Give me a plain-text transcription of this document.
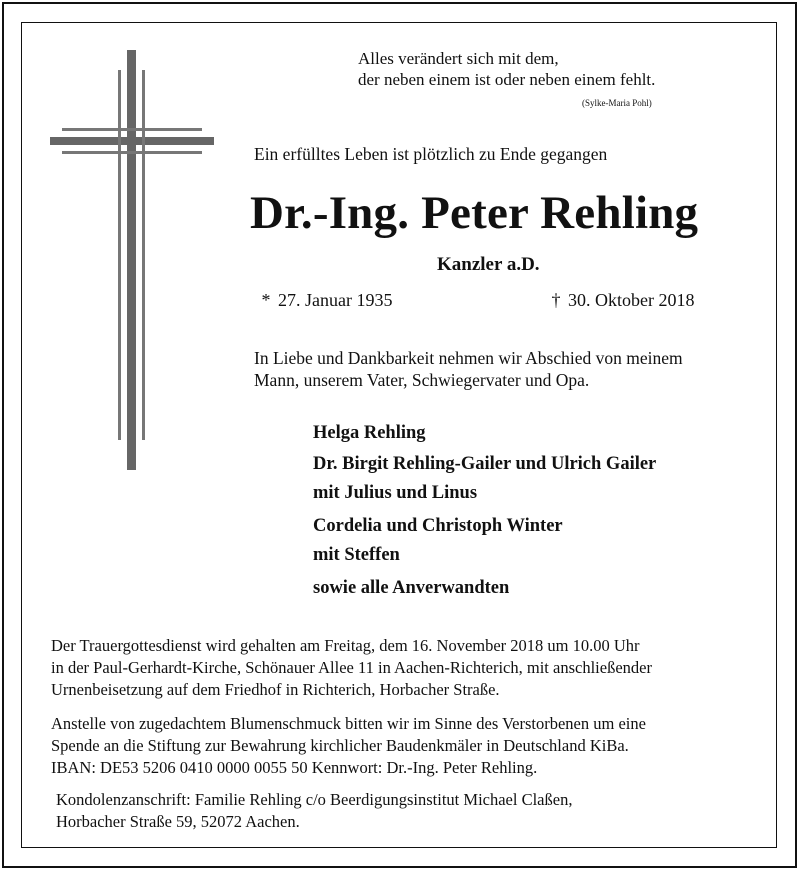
Alles verändert sich mit dem,
der neben einem ist oder neben einem fehlt.
(Sylke-Maria Pohl)
Ein erfülltes Leben ist plötzlich zu Ende gegangen
Dr.-Ing. Peter Rehling
Kanzler a.D.
* 27. Januar 1935	† 30. Oktober 2018
In Liebe und Dankbarkeit nehmen wir Abschied von meinem
Mann, unserem Vater, Schwiegervater und Opa.
Helga Rehling
Dr. Birgit Rehling-Gailer und Ulrich Gailer
mit Julius und Linus
Cordelia und Christoph Winter
mit Steffen
sowie alle Anverwandten
Der Trauergottesdienst wird gehalten am Freitag, dem 16. November 2018 um 10.00 Uhr
in der Paul-Gerhardt-Kirche, Schönauer Allee 11 in Aachen-Richterich, mit anschließender
Urnenbeisetzung auf dem Friedhof in Richterich, Horbacher Straße.
Anstelle von zugedachtem Blumenschmuck bitten wir im Sinne des Verstorbenen um eine
Spende an die Stiftung zur Bewahrung kirchlicher Baudenkmäler in Deutschland KiBa.
IBAN: DE53 5206 0410 0000 0055 50 Kennwort: Dr.-Ing. Peter Rehling.
Kondolenzanschrift: Familie Rehling c/o Beerdigungsinstitut Michael Claßen,
Horbacher Straße 59, 52072 Aachen.
